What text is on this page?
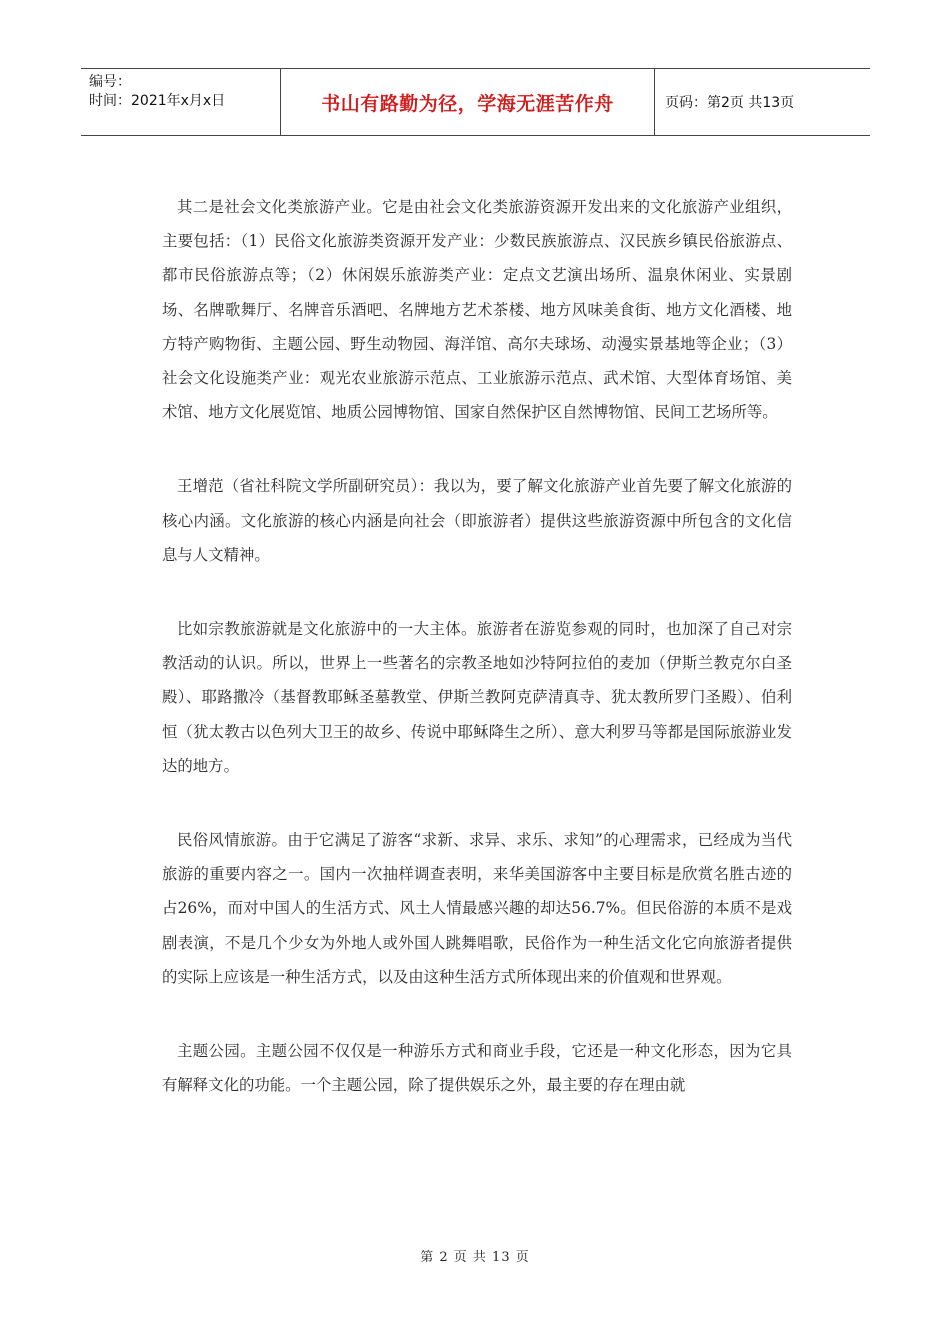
编号：
时间：2021年x月x日	书山有路勤为径，学海无涯苦作舟	页码：第2页 共13页

其二是社会文化类旅游产业。它是由社会文化类旅游资源开发出来的文化旅游产业组织，主要包括：（1）民俗文化旅游类资源开发产业：少数民族旅游点、汉民族乡镇民俗旅游点、都市民俗旅游点等；（2）休闲娱乐旅游类产业：定点文艺演出场所、温泉休闲业、实景剧场、名牌歌舞厅、名牌音乐酒吧、名牌地方艺术茶楼、地方风味美食街、地方文化酒楼、地方特产购物街、主题公园、野生动物园、海洋馆、高尔夫球场、动漫实景基地等企业；（3）社会文化设施类产业：观光农业旅游示范点、工业旅游示范点、武术馆、大型体育场馆、美术馆、地方文化展览馆、地质公园博物馆、国家自然保护区自然博物馆、民间工艺场所等。

王增范（省社科院文学所副研究员）：我以为，要了解文化旅游产业首先要了解文化旅游的核心内涵。文化旅游的核心内涵是向社会（即旅游者）提供这些旅游资源中所包含的文化信息与人文精神。

比如宗教旅游就是文化旅游中的一大主体。旅游者在游览参观的同时，也加深了自己对宗教活动的认识。所以，世界上一些著名的宗教圣地如沙特阿拉伯的麦加（伊斯兰教克尔白圣殿）、耶路撒冷（基督教耶稣圣墓教堂、伊斯兰教阿克萨清真寺、犹太教所罗门圣殿）、伯利恒（犹太教古以色列大卫王的故乡、传说中耶稣降生之所）、意大利罗马等都是国际旅游业发达的地方。

民俗风情旅游。由于它满足了游客“求新、求异、求乐、求知”的心理需求，已经成为当代旅游的重要内容之一。国内一次抽样调查表明，来华美国游客中主要目标是欣赏名胜古迹的占26%，而对中国人的生活方式、风土人情最感兴趣的却达56.7%。但民俗游的本质不是戏剧表演，不是几个少女为外地人或外国人跳舞唱歌，民俗作为一种生活文化它向旅游者提供的实际上应该是一种生活方式，以及由这种生活方式所体现出来的价值观和世界观。

主题公园。主题公园不仅仅是一种游乐方式和商业手段，它还是一种文化形态，因为它具有解释文化的功能。一个主题公园，除了提供娱乐之外，最主要的存在理由就

第 2 页 共 13 页
